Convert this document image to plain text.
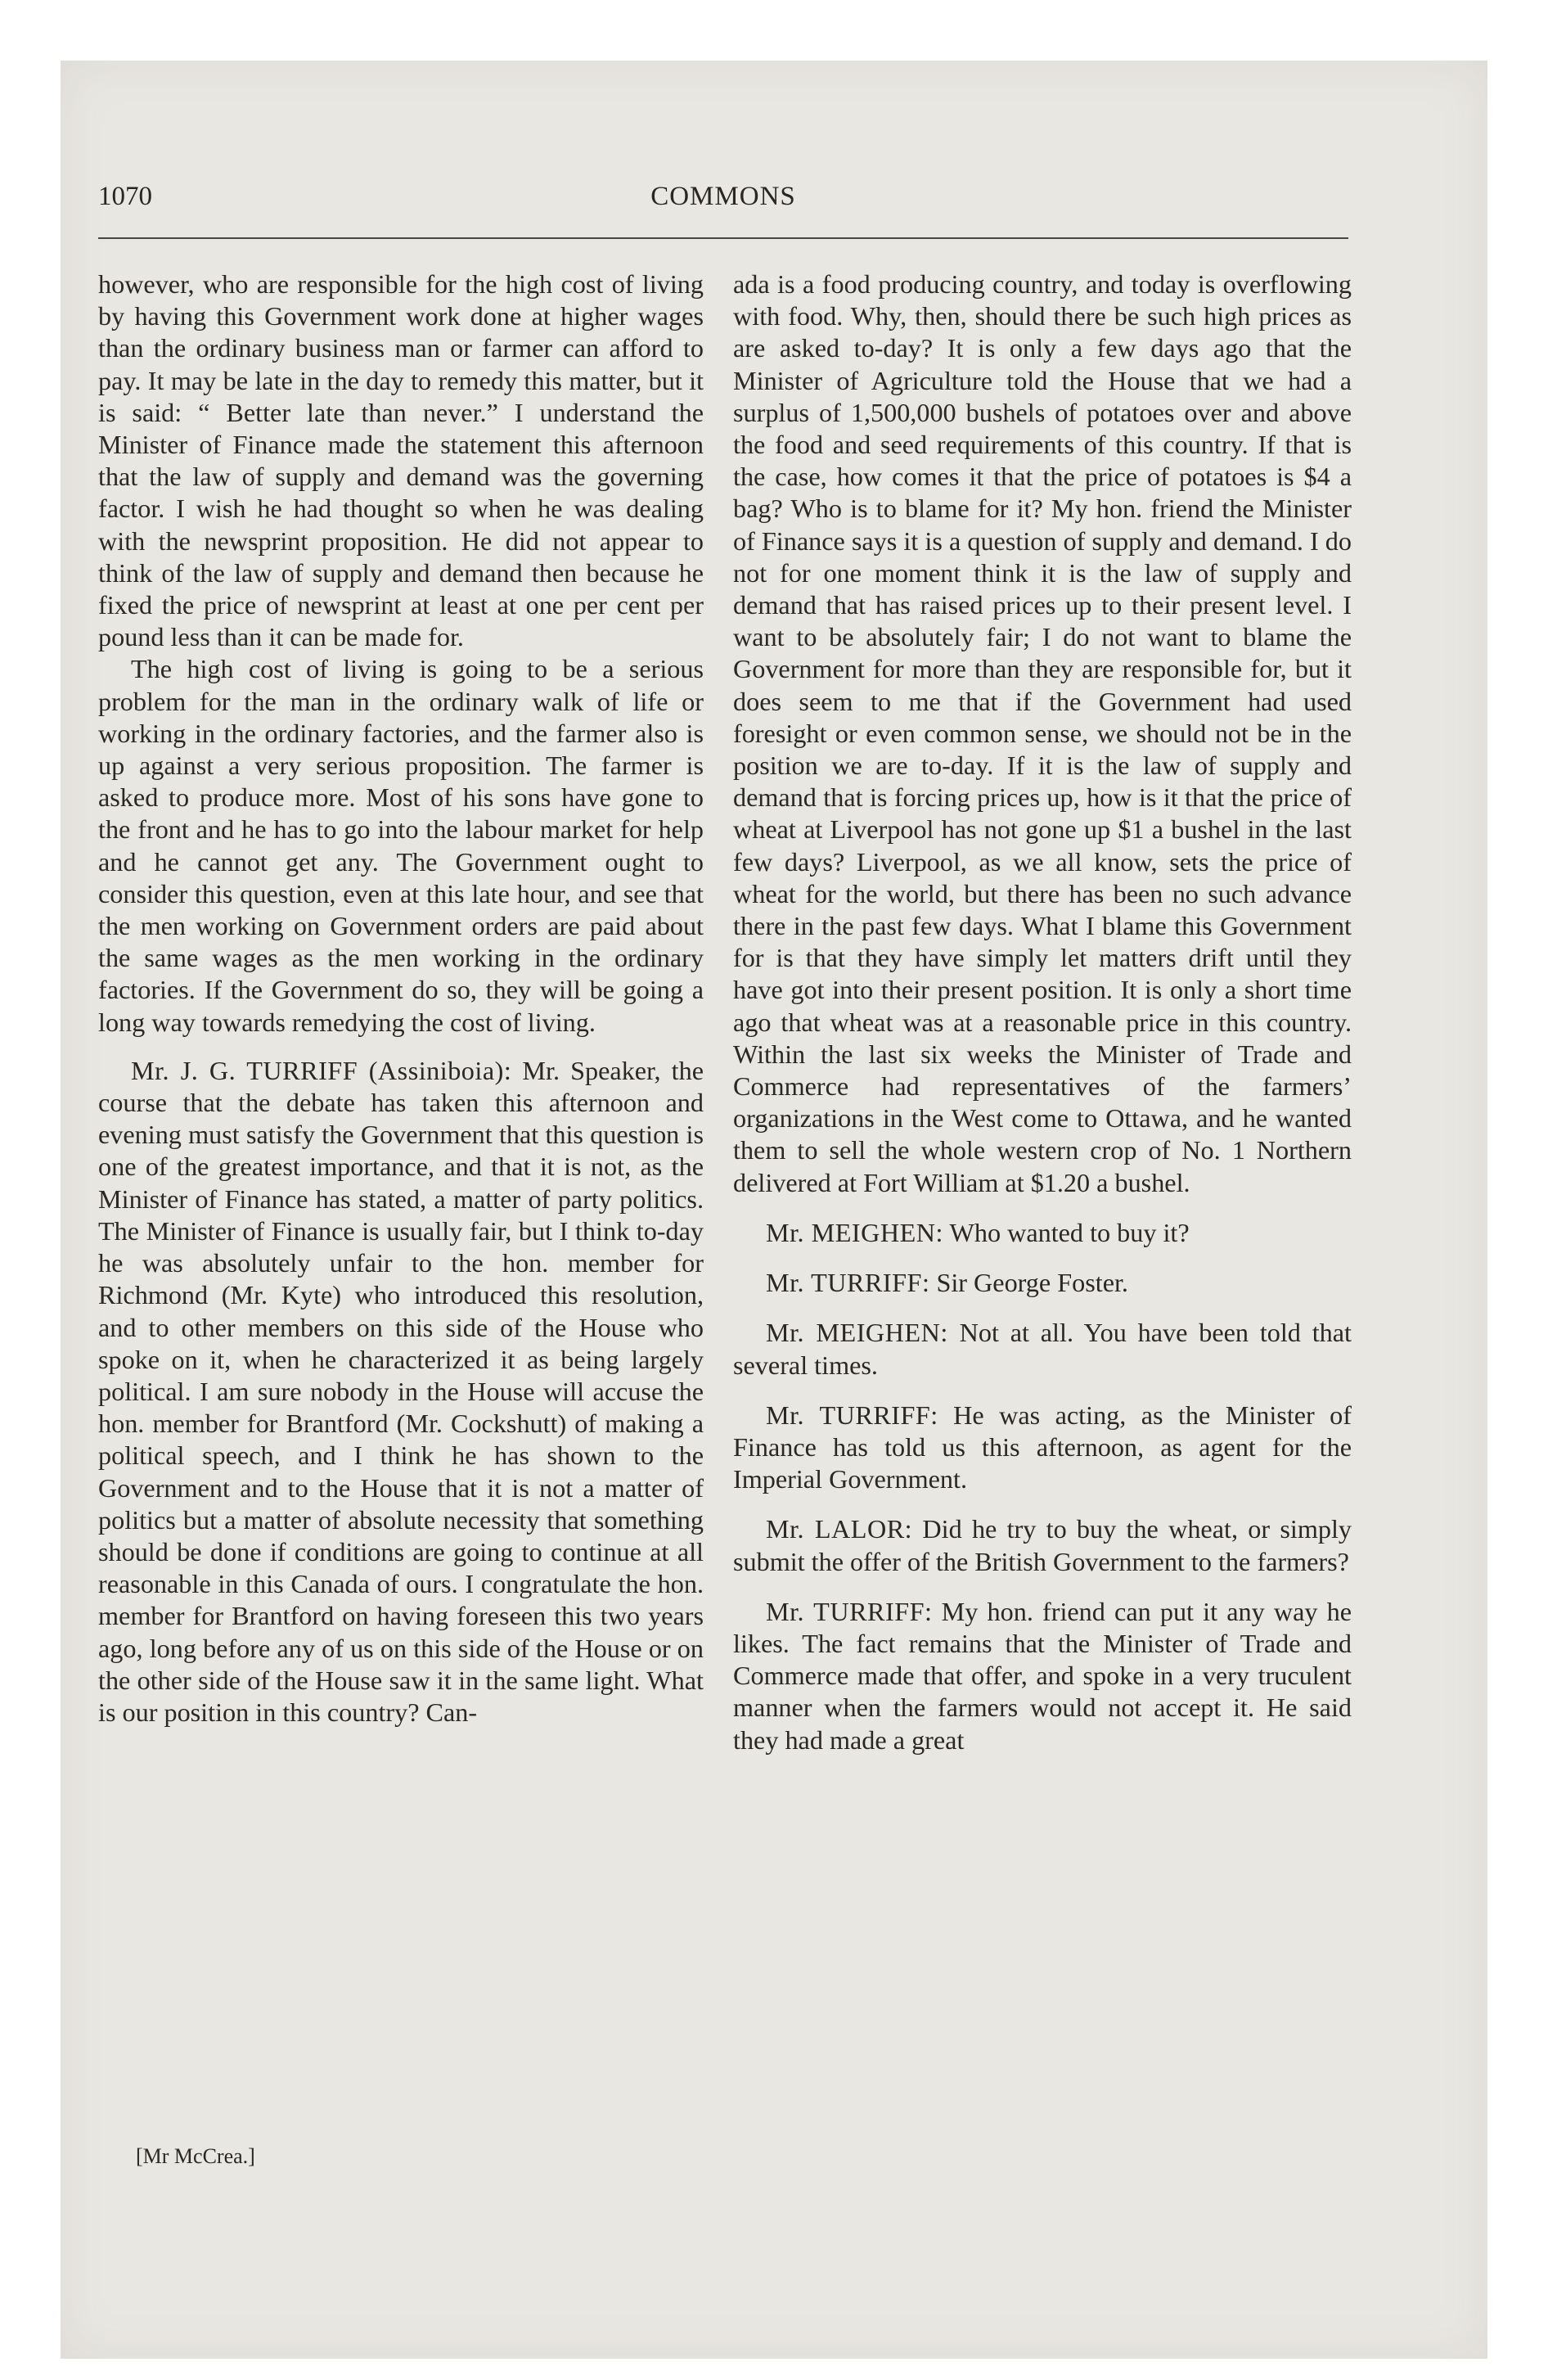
1070	COMMONS

however, who are responsible for the high cost of living by having this Government work done at higher wages than the ordinary business man or farmer can afford to pay. It may be late in the day to remedy this matter, but it is said: “ Better late than never.” I understand the Minister of Finance made the statement this afternoon that the law of supply and demand was the governing factor. I wish he had thought so when he was dealing with the newsprint proposition. He did not appear to think of the law of supply and demand then because he fixed the price of newsprint at least at one per cent per pound less than it can be made for.

The high cost of living is going to be a serious problem for the man in the ordinary walk of life or working in the ordinary factories, and the farmer also is up against a very serious proposition. The farmer is asked to produce more. Most of his sons have gone to the front and he has to go into the labour market for help and he cannot get any. The Government ought to consider this question, even at this late hour, and see that the men working on Government orders are paid about the same wages as the men working in the ordinary factories. If the Government do so, they will be going a long way towards remedying the cost of living.

Mr. J. G. TURRIFF (Assiniboia): Mr. Speaker, the course that the debate has taken this afternoon and evening must satisfy the Government that this question is one of the greatest importance, and that it is not, as the Minister of Finance has stated, a matter of party politics. The Minister of Finance is usually fair, but I think to-day he was absolutely unfair to the hon. member for Richmond (Mr. Kyte) who introduced this resolution, and to other members on this side of the House who spoke on it, when he characterized it as being largely political. I am sure nobody in the House will accuse the hon. member for Brantford (Mr. Cockshutt) of making a political speech, and I think he has shown to the Government and to the House that it is not a matter of politics but a matter of absolute necessity that something should be done if conditions are going to continue at all reasonable in this Canada of ours. I congratulate the hon. member for Brantford on having foreseen this two years ago, long before any of us on this side of the House or on the other side of the House saw it in the same light. What is our position in this country? Can-

ada is a food producing country, and today is overflowing with food. Why, then, should there be such high prices as are asked to-day? It is only a few days ago that the Minister of Agriculture told the House that we had a surplus of 1,500,000 bushels of potatoes over and above the food and seed requirements of this country. If that is the case, how comes it that the price of potatoes is $4 a bag? Who is to blame for it? My hon. friend the Minister of Finance says it is a question of supply and demand. I do not for one moment think it is the law of supply and demand that has raised prices up to their present level. I want to be absolutely fair; I do not want to blame the Government for more than they are responsible for, but it does seem to me that if the Government had used foresight or even common sense, we should not be in the position we are to-day. If it is the law of supply and demand that is forcing prices up, how is it that the price of wheat at Liverpool has not gone up $1 a bushel in the last few days? Liverpool, as we all know, sets the price of wheat for the world, but there has been no such advance there in the past few days. What I blame this Government for is that they have simply let matters drift until they have got into their present position. It is only a short time ago that wheat was at a reasonable price in this country. Within the last six weeks the Minister of Trade and Commerce had representatives of the farmers’ organizations in the West come to Ottawa, and he wanted them to sell the whole western crop of No. 1 Northern delivered at Fort William at $1.20 a bushel.

Mr. MEIGHEN: Who wanted to buy it?

Mr. TURRIFF: Sir George Foster.

Mr. MEIGHEN: Not at all. You have been told that several times.

Mr. TURRIFF: He was acting, as the Minister of Finance has told us this afternoon, as agent for the Imperial Government.

Mr. LALOR: Did he try to buy the wheat, or simply submit the offer of the British Government to the farmers?

Mr. TURRIFF: My hon. friend can put it any way he likes. The fact remains that the Minister of Trade and Commerce made that offer, and spoke in a very truculent manner when the farmers would not accept it. He said they had made a great

[Mr McCrea.]
